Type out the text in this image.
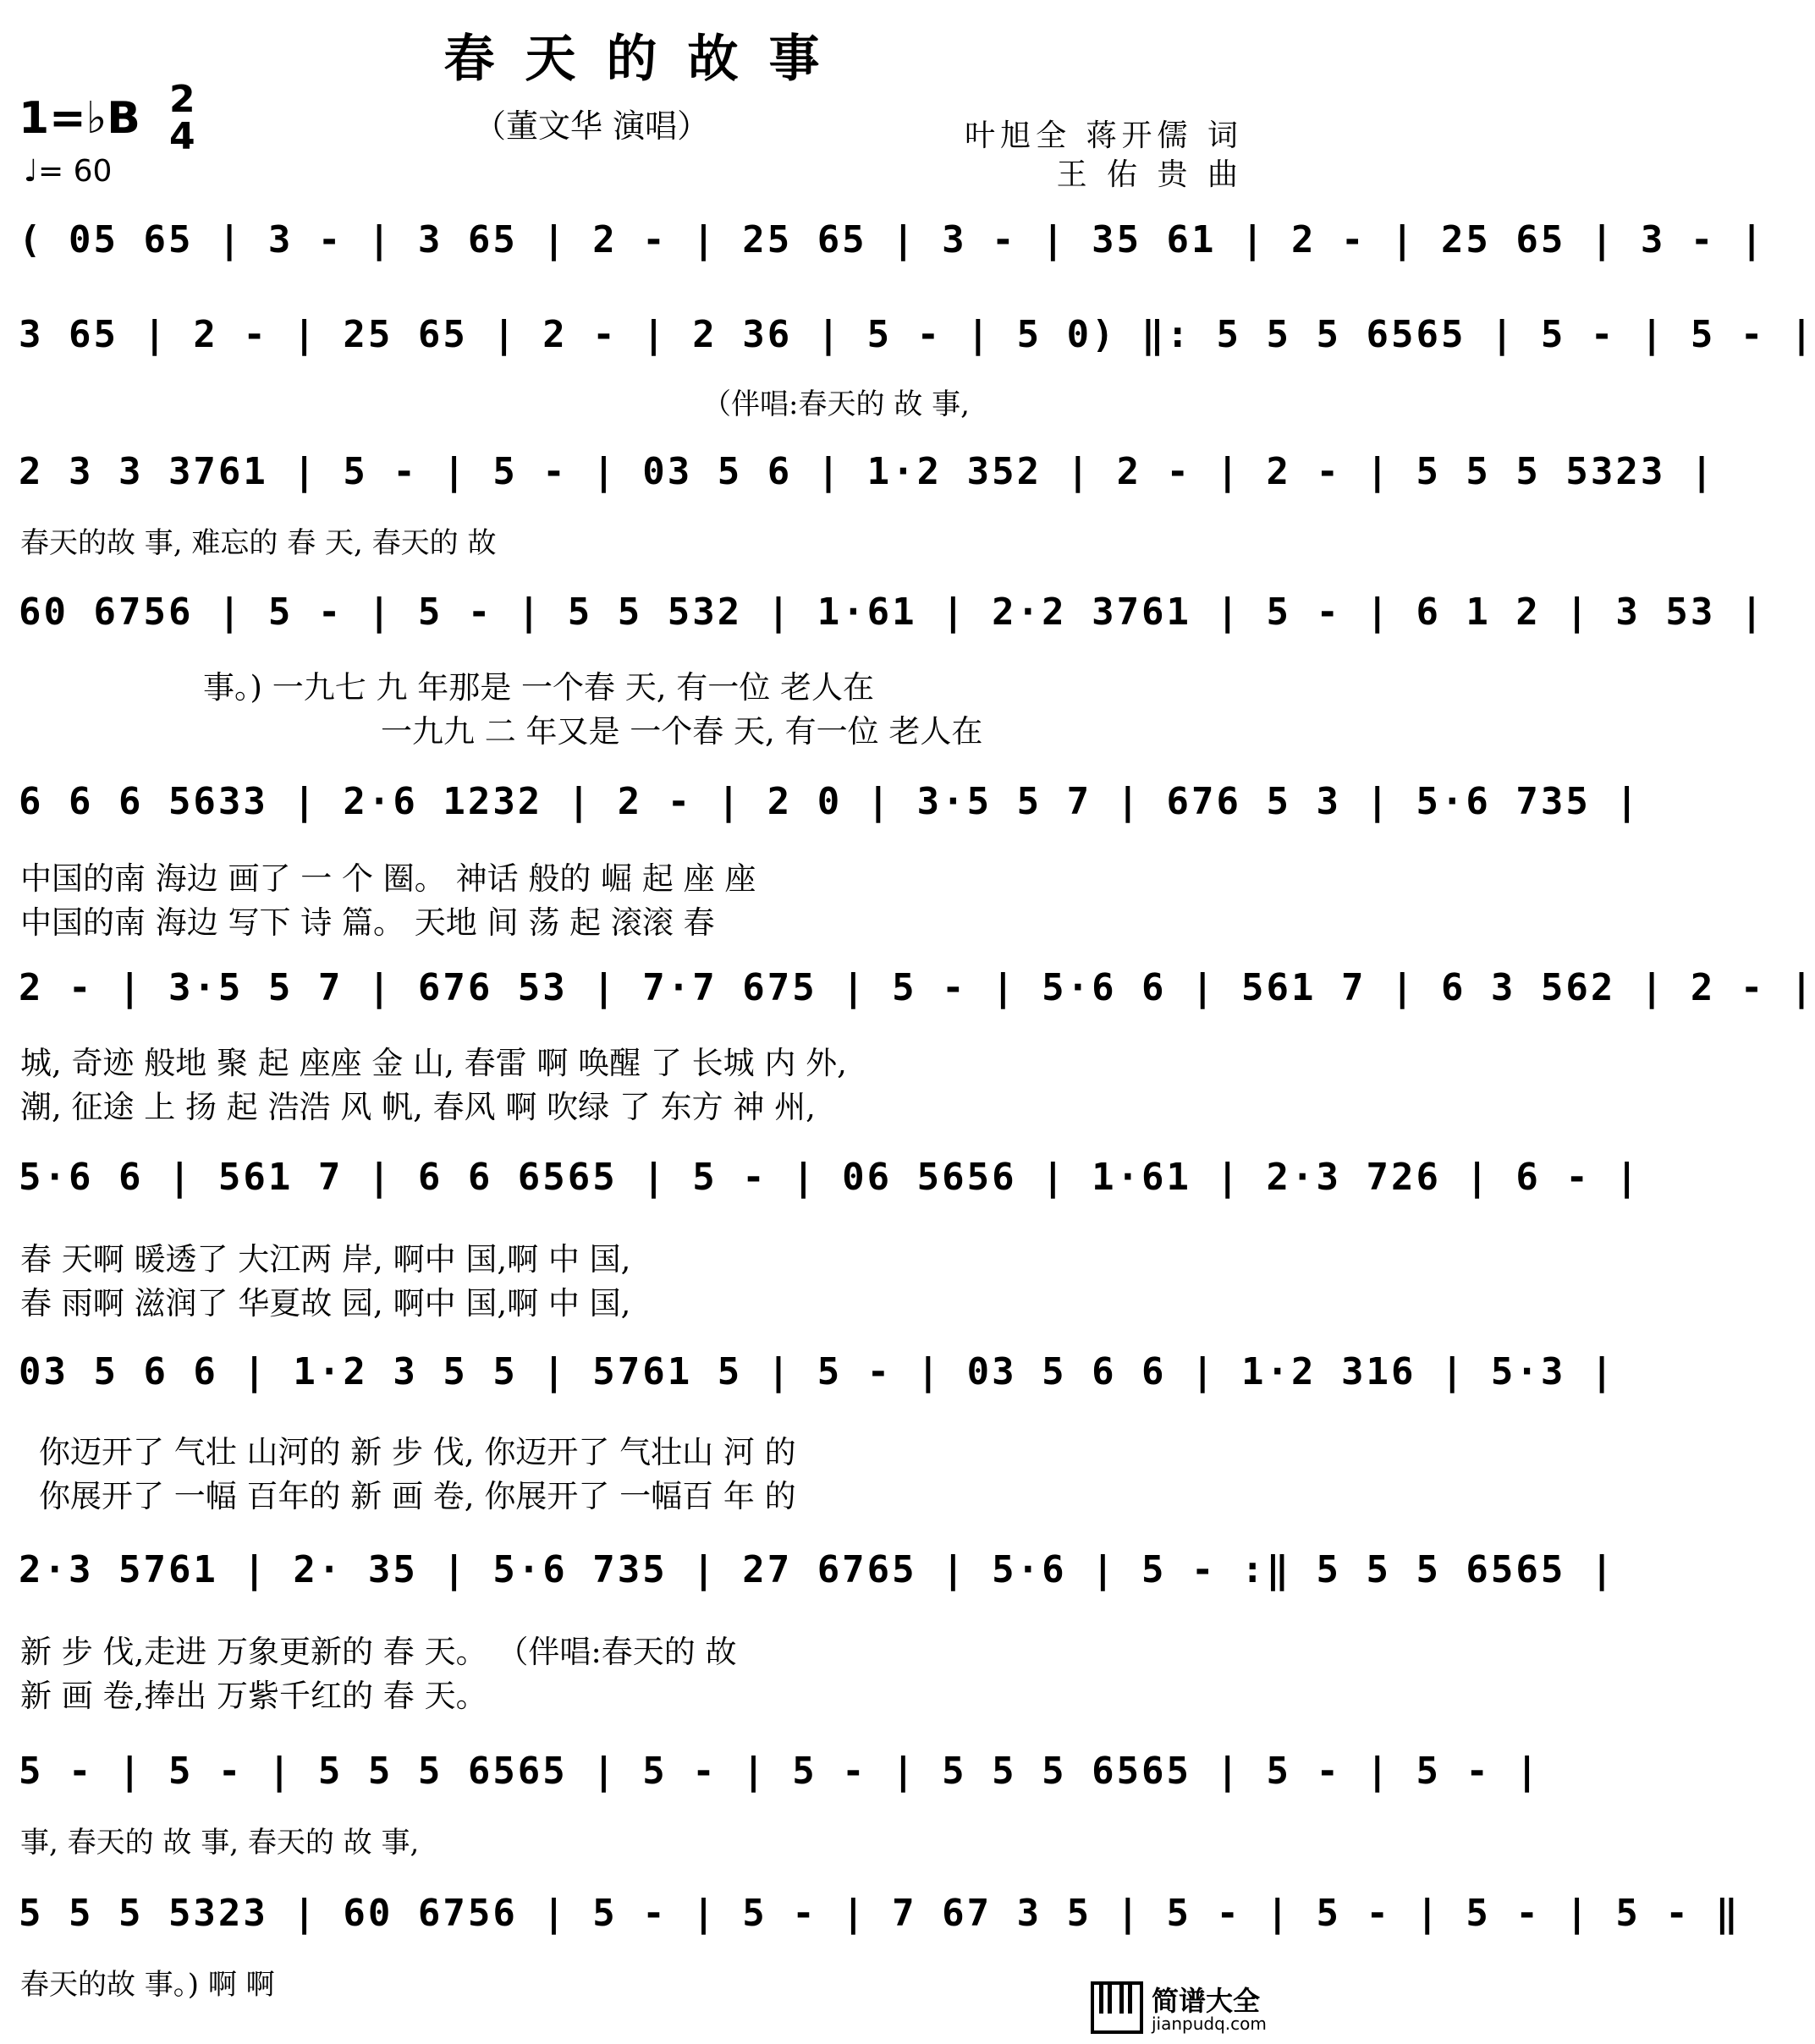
春天的故事
（董文华 演唱）
1=♭B 2
4
♩= 60
叶旭全 蒋开儒 词
王 佑 贵 曲
( 05 65 | 3 - | 3 65 | 2 - | 25 65 | 3 - | 35 61 | 2 - | 25 65 | 3 - |
3 65 | 2 - | 25 65 | 2 - | 2 36 | 5 - | 5 0) ‖: 5 5 5 6565 | 5 - | 5 - |
（伴唱:春天的 故 事,
2 3 3 3761 | 5 - | 5 - | 03 5 6 | 1·2 352 | 2 - | 2 - | 5 5 5 5323 |
春天的故 事, 难忘的 春 天, 春天的 故
60 6756 | 5 - | 5 - | 5 5 532 | 1·61 | 2·2 3761 | 5 - | 6 1 2 | 3 53 |
事。) 一九七 九 年那是 一个春 天, 有一位 老人在
一九九 二 年又是 一个春 天, 有一位 老人在
6 6 6 5633 | 2·6 1232 | 2 - | 2 0 | 3·5 5 7 | 676 5 3 | 5·6 735 |
中国的南 海边 画了 一 个 圈。 神话 般的 崛 起 座 座
中国的南 海边 写下 诗 篇。 天地 间 荡 起 滚滚 春
2 - | 3·5 5 7 | 676 53 | 7·7 675 | 5 - | 5·6 6 | 561 7 | 6 3 562 | 2 - |
城, 奇迹 般地 聚 起 座座 金 山, 春雷 啊 唤醒 了 长城 内 外,
潮, 征途 上 扬 起 浩浩 风 帆, 春风 啊 吹绿 了 东方 神 州,
5·6 6 | 561 7 | 6 6 6565 | 5 - | 06 5656 | 1·61 | 2·3 726 | 6 - |
春 天啊 暖透了 大江两 岸, 啊中 国,啊 中 国,
春 雨啊 滋润了 华夏故 园, 啊中 国,啊 中 国,
03 5 6 6 | 1·2 3 5 5 | 5761 5 | 5 - | 03 5 6 6 | 1·2 316 | 5·3 |
你迈开了 气壮 山河的 新 步 伐, 你迈开了 气壮山 河 的
你展开了 一幅 百年的 新 画 卷, 你展开了 一幅百 年 的
2·3 5761 | 2· 35 | 5·6 735 | 27 6765 | 5·6 | 5 - :‖ 5 5 5 6565 |
新 步 伐,走进 万象更新的 春 天。 （伴唱:春天的 故
新 画 卷,捧出 万紫千红的 春 天。
5 - | 5 - | 5 5 5 6565 | 5 - | 5 - | 5 5 5 6565 | 5 - | 5 - |
事, 春天的 故 事, 春天的 故 事,
5 5 5 5323 | 60 6756 | 5 - | 5 - | 7 67 3 5 | 5 - | 5 - | 5 - | 5 - ‖
春天的故 事。) 啊 啊	简谱大全
jianpudq.com
